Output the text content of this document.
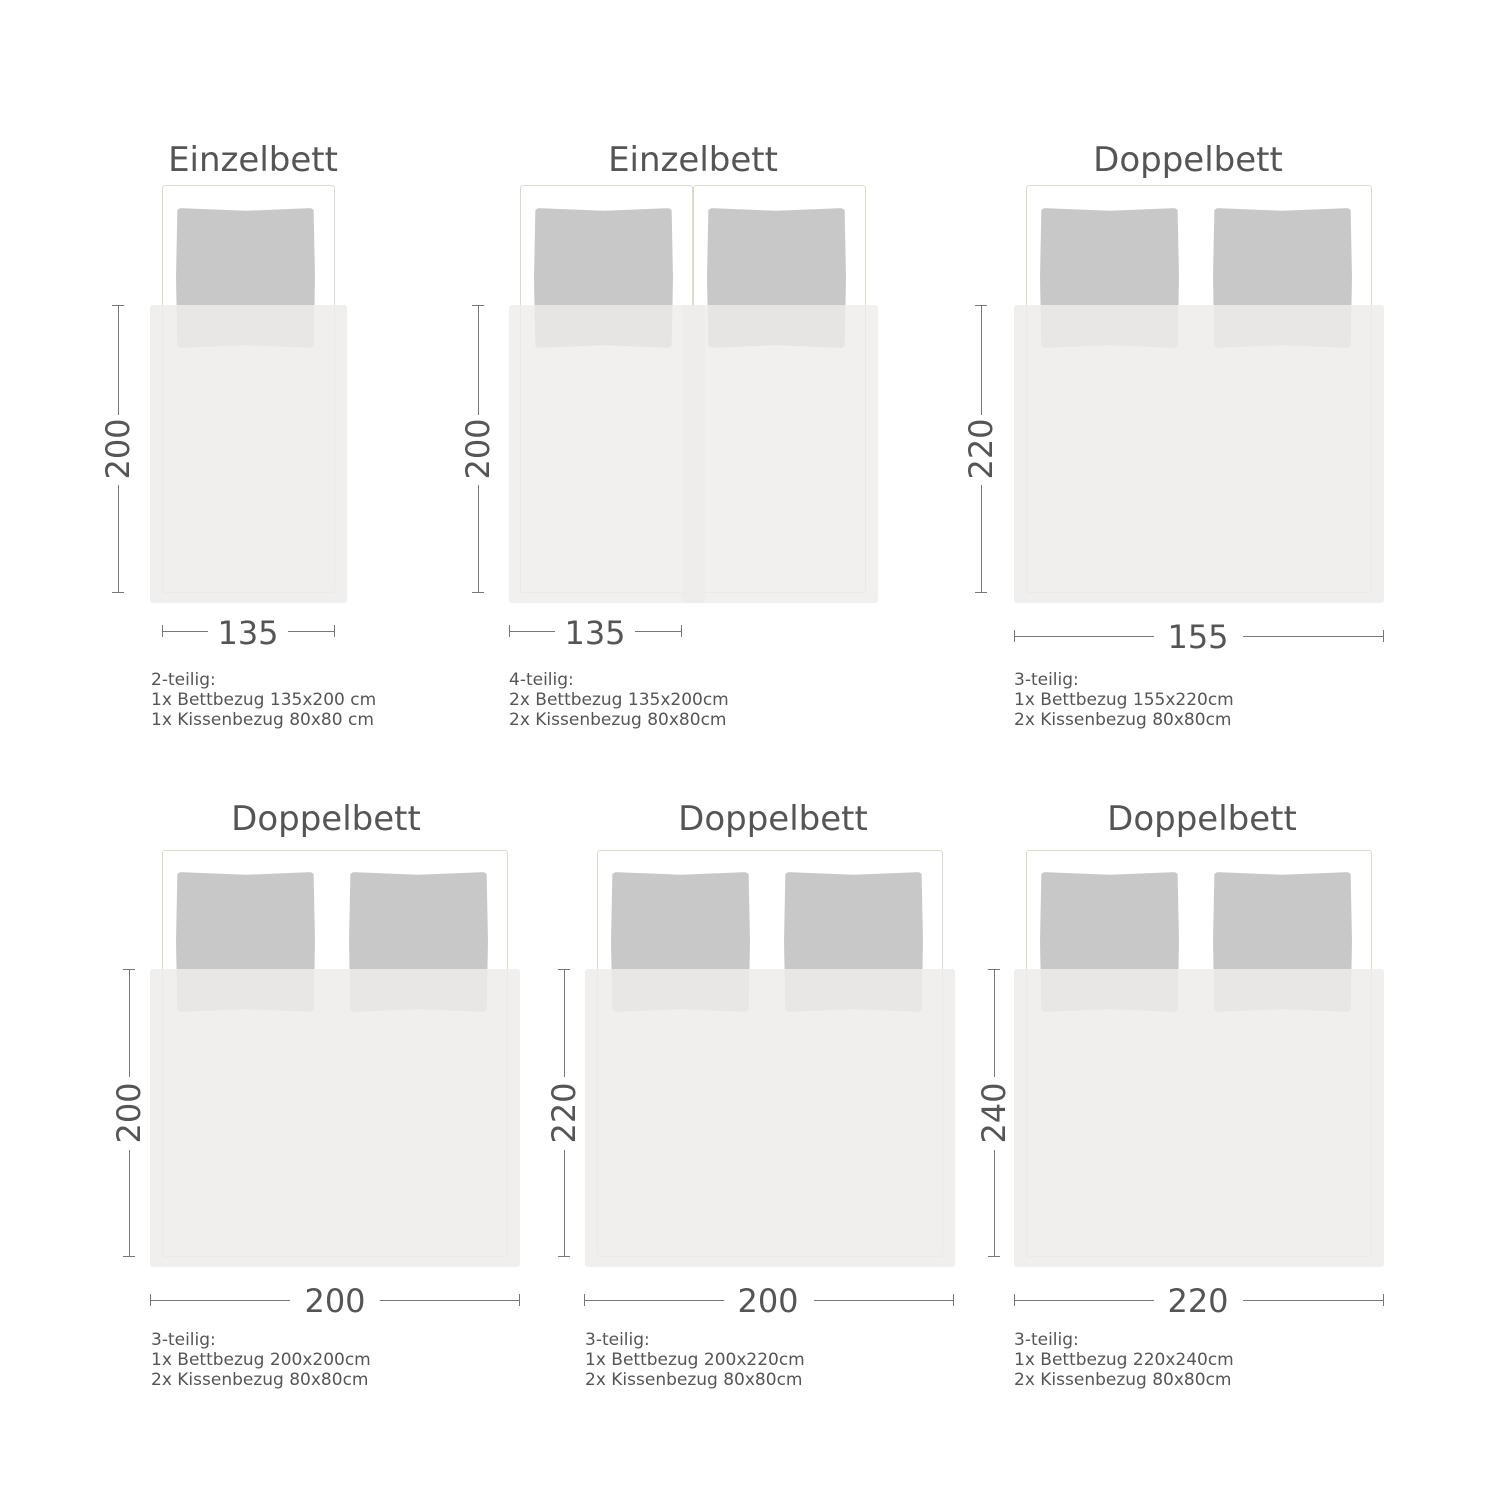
Einzelbett
200
135
2-teilig:
1x Bettbezug 135x200 cm
1x Kissenbezug 80x80 cm
Einzelbett
200
135
4-teilig:
2x Bettbezug 135x200cm
2x Kissenbezug 80x80cm
Doppelbett
220
155
3-teilig:
1x Bettbezug 155x220cm
2x Kissenbezug 80x80cm
Doppelbett
200
200
3-teilig:
1x Bettbezug 200x200cm
2x Kissenbezug 80x80cm
Doppelbett
220
200
3-teilig:
1x Bettbezug 200x220cm
2x Kissenbezug 80x80cm
Doppelbett
240
220
3-teilig:
1x Bettbezug 220x240cm
2x Kissenbezug 80x80cm
